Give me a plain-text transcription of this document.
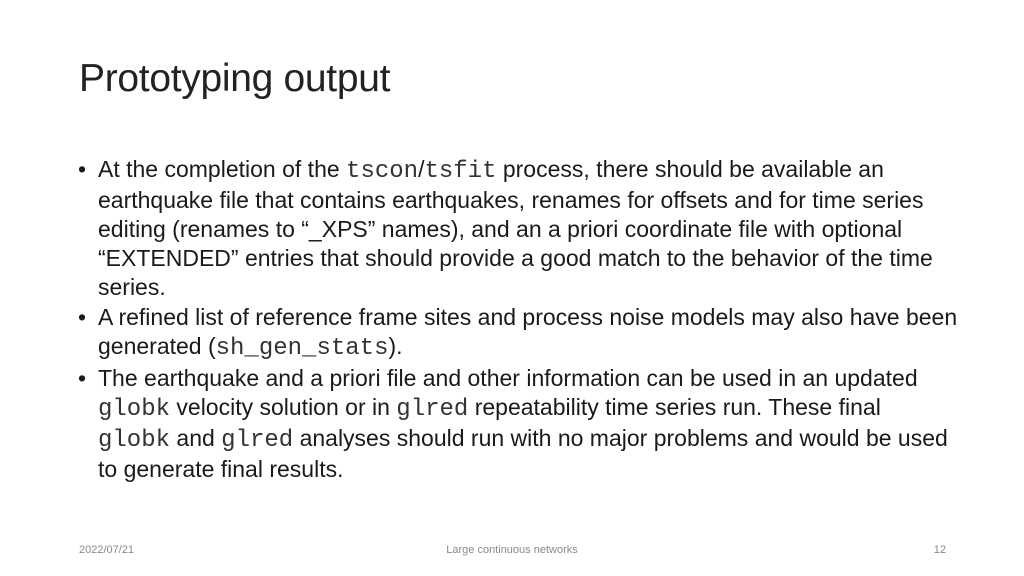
Prototyping output
• At the completion of the tscon/tsfit process, there should be available an earthquake file that contains earthquakes, renames for offsets and for time series editing (renames to “_XPS” names), and an a priori coordinate file with optional “EXTENDED” entries that should provide a good match to the behavior of the time series.
• A refined list of reference frame sites and process noise models may also have been generated (sh_gen_stats).
• The earthquake and a priori file and other information can be used in an updated globk velocity solution or in glred repeatability time series run. These final globk and glred analyses should run with no major problems and would be used to generate final results.
2022/07/21	Large continuous networks	12
